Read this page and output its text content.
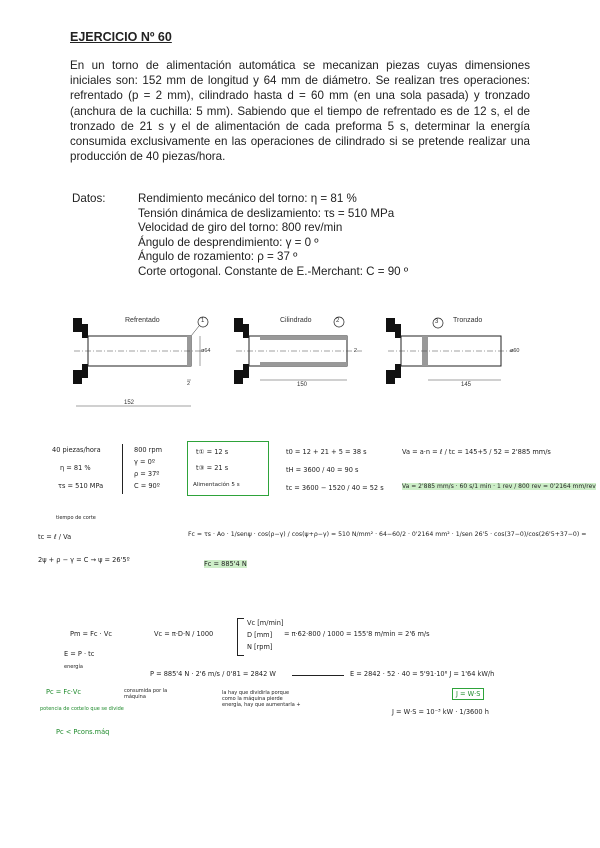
EJERCICIO Nº 60

En un torno de alimentación automática se mecanizan piezas cuyas dimensiones iniciales son: 152 mm de longitud y 64 mm de diámetro. Se realizan tres operaciones: refrentado (p = 2 mm), cilindrado hasta d = 60 mm (en una sola pasada) y tronzado (anchura de la cuchilla: 5 mm). Sabiendo que el tiempo de refrentado es de 12 s, el de tronzado de 21 s y el de alimentación de cada preforma 5 s, determinar la energía consumida exclusivamente en las operaciones de cilindrado si se pretende realizar una producción de 40 piezas/hora.

Datos:	Rendimiento mecánico del torno: η = 81 %
Tensión dinámica de deslizamiento: τs = 510 MPa
Velocidad de giro del torno: 800 rev/min
Ángulo de desprendimiento: γ = 0 º
Ángulo de rozamiento: ρ = 37 º
Corte ortogonal. Constante de E.-Merchant: C = 90 º
Refrentado	1
ø64
2
152
Cilindrado	2
2
150
Tronzado
3
ø60
145
40 piezas/hora
η = 81 %
τs = 510 MPa
800 rpm
γ = 0º
ρ = 37º
C = 90º
t① = 12 s
t③ = 21 s
Alimentación 5 s
t0 = 12 + 21 + 5 = 38 s
tH = 3600 / 40 = 90 s
tc = 3600 − 1520 / 40 = 52 s
Va = a·n = ℓ / tc = 145+5 / 52 = 2'885 mm/s
Va = 2'885 mm/s · 60 s/1 min · 1 rev / 800 rev = 0'2164 mm/rev
tiempo de corte
tc = ℓ / Va
2ψ + ρ − γ = C → ψ = 26'5º
Fc = τs · Ao · 1/senψ · cos(ρ−γ) / cos(ψ+ρ−γ) = 510 N/mm² · 64−60/2 · 0'2164 mm² · 1/sen 26'5 · cos(37−0)/cos(26'5+37−0) =
Fc = 885'4 N
Pm = Fc · Vc
E = P · tc
energía
Vc = π·D·N / 1000
Vc [m/min]
D [mm]
N [rpm]
= π·62·800 / 1000 = 155'8 m/min = 2'6 m/s
P = 885'4 N · 2'6 m/s / 0'81 = 2842 W	E = 2842 · 52 · 40 = 5'91·10⁶ J = 1'64 kW/h
Pc = Fc·Vc	consumida por la máquina
potencia de corte
... lo que se divide
Pc < Pcons.máq
la hay que dividirla porque como la máquina pierde energía, hay que aumentarla +
J = W·S
J = W·S = 10⁻³ kW · 1/3600 h
